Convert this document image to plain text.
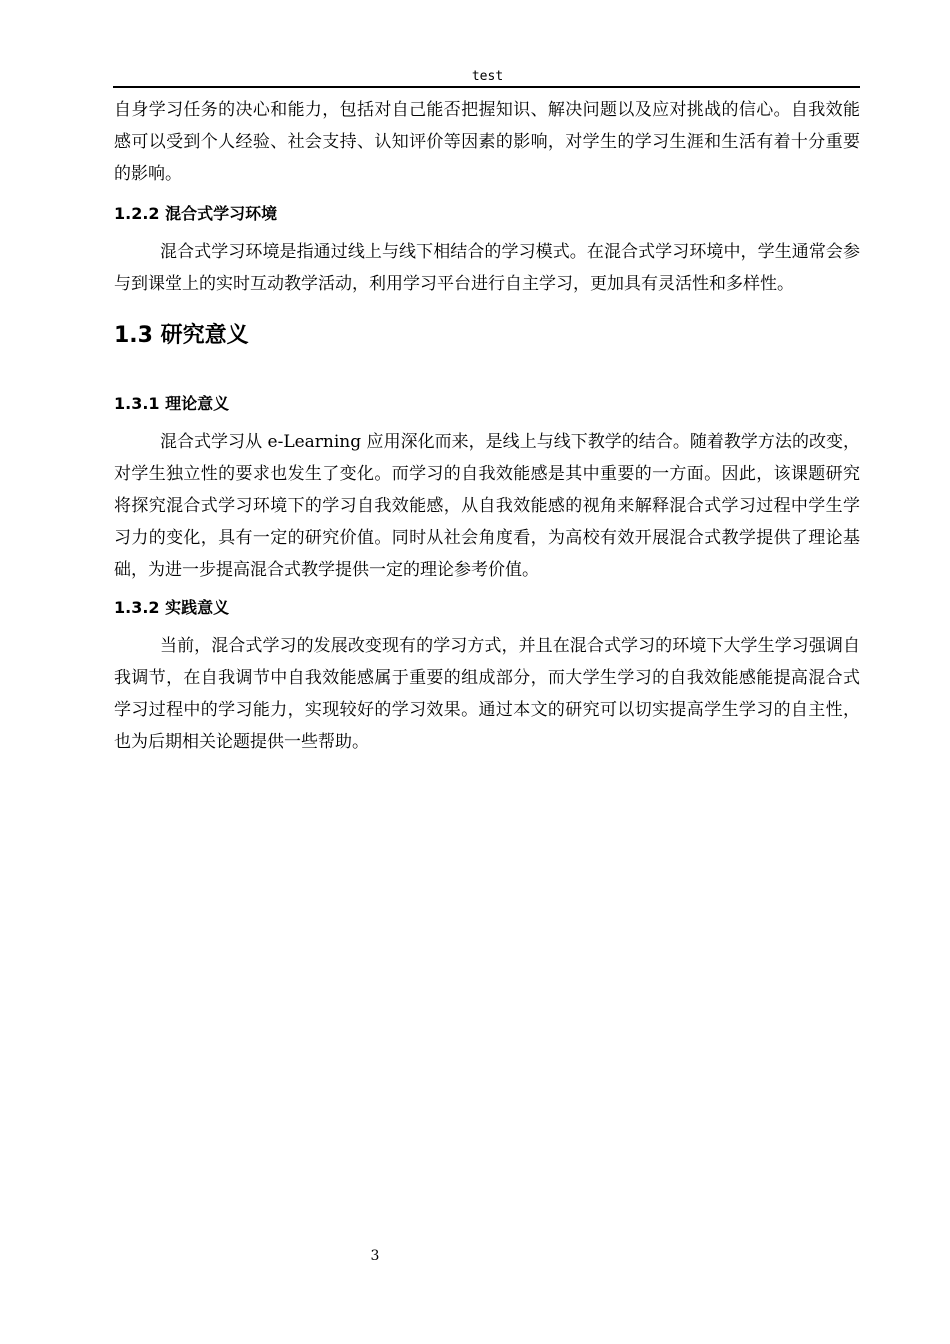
test

自身学习任务的决心和能力，包括对自己能否把握知识、解决问题以及应对挑战的信心。自我效能感可以受到个人经验、社会支持、认知评价等因素的影响，对学生的学习生涯和生活有着十分重要的影响。

1.2.2 混合式学习环境

混合式学习环境是指通过线上与线下相结合的学习模式。在混合式学习环境中，学生通常会参与到课堂上的实时互动教学活动，利用学习平台进行自主学习，更加具有灵活性和多样性。

1.3 研究意义
1.3.1 理论意义

混合式学习从 e-Learning 应用深化而来，是线上与线下教学的结合。随着教学方法的改变，对学生独立性的要求也发生了变化。而学习的自我效能感是其中重要的一方面。因此，该课题研究将探究混合式学习环境下的学习自我效能感，从自我效能感的视角来解释混合式学习过程中学生学习力的变化，具有一定的研究价值。同时从社会角度看，为高校有效开展混合式教学提供了理论基础，为进一步提高混合式教学提供一定的理论参考价值。

1.3.2 实践意义

当前，混合式学习的发展改变现有的学习方式，并且在混合式学习的环境下大学生学习强调自我调节，在自我调节中自我效能感属于重要的组成部分，而大学生学习的自我效能感能提高混合式学习过程中的学习能力，实现较好的学习效果。通过本文的研究可以切实提高学生学习的自主性，也为后期相关论题提供一些帮助。

3
